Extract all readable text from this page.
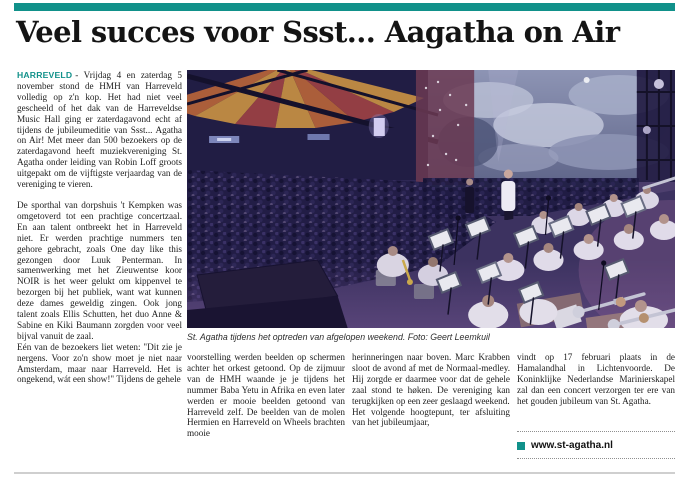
Veel succes voor Ssst... Aagatha on Air

HARREVELD - Vrijdag 4 en zaterdag 5 november stond de HMH van Harreveld volledig op z'n kop. Het had niet veel gescheeld of het dak van de Harreveldse Music Hall ging er zaterdagavond echt af tijdens de jubileumeditie van Ssst... Agatha on Air! Met meer dan 500 bezoekers op de zaterdagavond heeft muziekvereniging St. Agatha onder leiding van Robin Loff groots uitgepakt om de vijftigste verjaardag van de vereniging te vieren.

De sporthal van dorpshuis 't Kempken was omgetoverd tot een prachtige concertzaal. En aan talent ontbreekt het in Harreveld niet. Er werden prachtige nummers ten gehore gebracht, zoals One day like this gezongen door Luuk Penterman. In samenwerking met het Zieuwentse koor NOIR is het weer gelukt om kippenvel te bezorgen bij het publiek, want wat kunnen deze dames geweldig zingen. Ook jong talent zoals Ellis Schutten, het duo Anne & Sabine en Kiki Baumann zorgden voor veel bijval vanuit de zaal.

Eén van de bezoekers liet weten: "Dit zie je nergens. Voor zo'n show moet je niet naar Amsterdam, maar naar Harreveld. Het is ongekend, wát een show!" Tijdens de gehele

St. Agatha tijdens het optreden van afgelopen weekend. Foto: Geert Leemkuil

voorstelling werden beelden op schermen achter het orkest getoond. Op de zijmuur van de HMH waande je je tijdens het nummer Baba Yetu in Afrika en even later werden er mooie beelden getoond van Harreveld zelf. De beelden van de molen Hermien en Harreveld on Wheels brachten mooie

herinneringen naar boven. Marc Krabben sloot de avond af met de Normaal-medley. Hij zorgde er daarmee voor dat de gehele zaal stond te høken. De vereniging kan terugkijken op een zeer geslaagd weekend.

Het volgende hoogtepunt, ter afsluiting van het jubileumjaar,

vindt op 17 februari plaats in de Hamalandhal in Lichtenvoorde. De Koninklijke Nederlandse Marinierskapel zal dan een concert verzorgen ter ere van het gouden jubileum van St. Agatha.

www.st-agatha.nl
